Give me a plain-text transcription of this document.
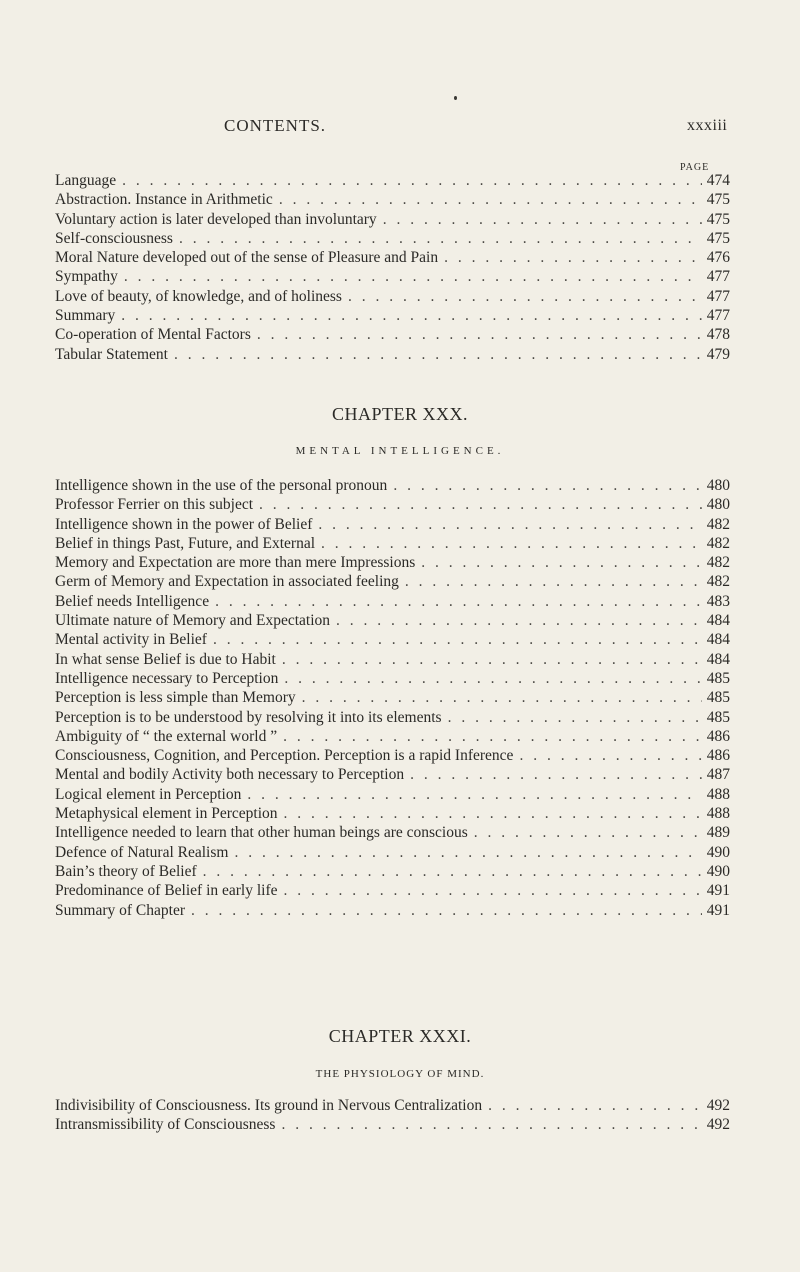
CONTENTS.	xxxiii
PAGE
Language . . .	474
Abstraction. Instance in Arithmetic . . .	475
Voluntary action is later developed than involuntary . . .	475
Self-consciousness . . .	475
Moral Nature developed out of the sense of Pleasure and Pain . . .	476
Sympathy . . .	477
Love of beauty, of knowledge, and of holiness . . .	477
Summary . . .	477
Co-operation of Mental Factors . . .	478
Tabular Statement . . .	479
CHAPTER XXX.
MENTAL INTELLIGENCE.
Intelligence shown in the use of the personal pronoun . . .	480
Professor Ferrier on this subject . . .	480
Intelligence shown in the power of Belief . . .	482
Belief in things Past, Future, and External . . .	482
Memory and Expectation are more than mere Impressions . . .	482
Germ of Memory and Expectation in associated feeling . . .	482
Belief needs Intelligence . . .	483
Ultimate nature of Memory and Expectation . . .	484
Mental activity in Belief . . .	484
In what sense Belief is due to Habit . . .	484
Intelligence necessary to Perception . . .	485
Perception is less simple than Memory . . .	485
Perception is to be understood by resolving it into its elements . . .	485
Ambiguity of “ the external world ” . . .	486
Consciousness, Cognition, and Perception. Perception is a rapid Inference . . .	486
Mental and bodily Activity both necessary to Perception . . .	487
Logical element in Perception . . .	488
Metaphysical element in Perception . . .	488
Intelligence needed to learn that other human beings are conscious . . .	489
Defence of Natural Realism . . .	490
Bain’s theory of Belief . . .	490
Predominance of Belief in early life . . .	491
Summary of Chapter . . .	491
CHAPTER XXXI.
THE PHYSIOLOGY OF MIND.
Indivisibility of Consciousness. Its ground in Nervous Centralization . . .	492
Intransmissibility of Consciousness . . .	492
